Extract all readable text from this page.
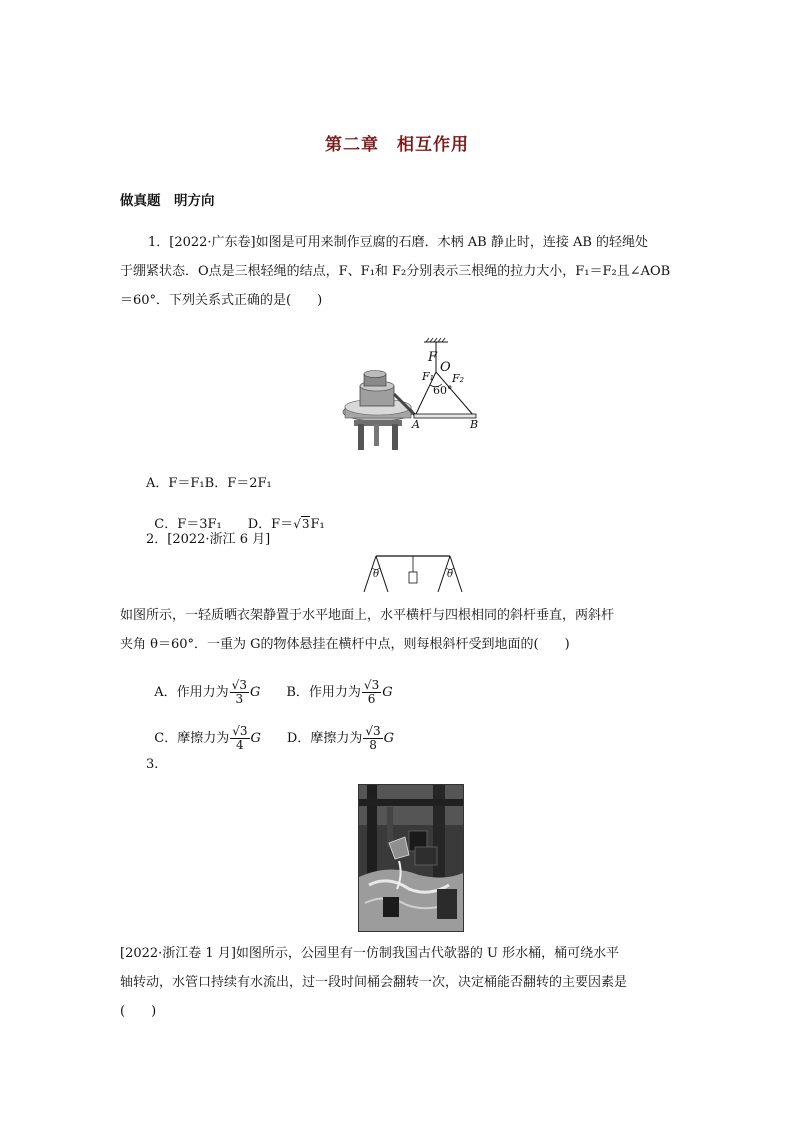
第二章　相互作用
做真题　明方向
1．[2022·广东卷]如图是可用来制作豆腐的石磨．木柄 AB 静止时，连接 AB 的轻绳处
于绷紧状态．O点是三根轻绳的结点，F、F₁和 F₂分别表示三根绳的拉力大小，F₁＝F₂且∠AOB
＝60°．下列关系式正确的是(　　)
F
O
F₁ F₂
60°
A	B
A．F＝F₁B．F＝2F₁

C．F＝3F₁　　D．F＝√3F₁

2．[2022·浙江 6 月]
θ	θ
如图所示，一轻质晒衣架静置于水平地面上，水平横杆与四根相同的斜杆垂直，两斜杆
夹角 θ＝60°．一重为 G的物体悬挂在横杆中点，则每根斜杆受到地面的(　　)

A．作用力为 $\frac{√3}{3}$ G　　 B．作用力为 $\frac{√3}{6}$ G

C．摩擦力为 $\frac{√3}{4}$ G　　 D．摩擦力为 $\frac{√3}{8}$ G

3.
[2022·浙江卷 1 月]如图所示，公园里有一仿制我国古代欹器的 U 形水桶，桶可绕水平
轴转动，水管口持续有水流出，过一段时间桶会翻转一次，决定桶能否翻转的主要因素是
(　　)
